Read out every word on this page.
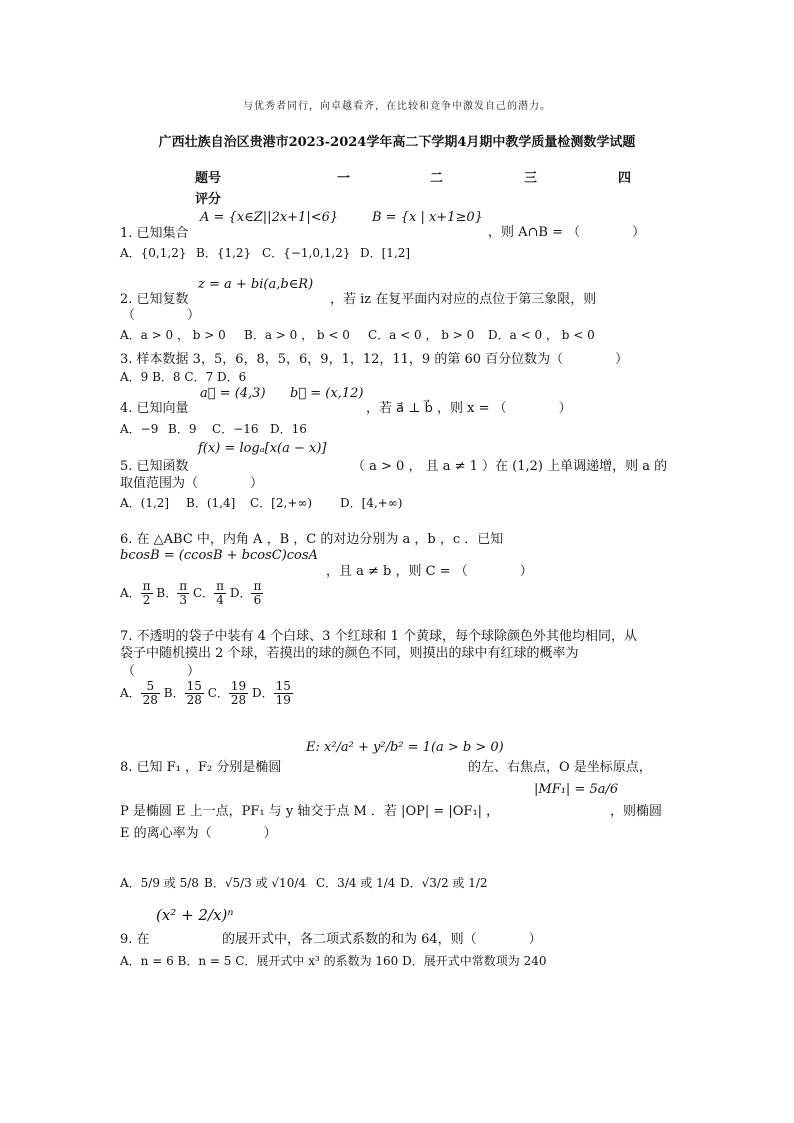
与优秀者同行，向卓越看齐，在比较和竞争中激发自己的潜力。
广西壮族自治区贵港市2023-2024学年高二下学期4月期中教学质量检测数学试题
题号	一	二	三	四
评分
1. 已知集合
A = {x∈Z||2x+1|<6}	B = {x | x+1≥0}
，则 A∩B = （　　　　）
A．{0,1,2} B．{1,2} C．{−1,0,1,2} D．[1,2]
2. 已知复数
z = a + bi(a,b∈R)
，若 iz 在复平面内对应的点位于第三象限，则
（　　　　）
A．a > 0 ， b > 0 B．a > 0 ， b < 0 C．a < 0 ， b > 0 D．a < 0 ， b < 0
3. 样本数据 3，5，6，8，5，6，9，1，12，11，9 的第 60 百分位数为（　　　　）
A．9 B．8 C．7 D．6
4. 已知向量
a⃗ = (4,3) b⃗ = (x,12)
，若 a⃗ ⊥ b⃗ ，则 x = （　　　　）
A．−9 B．9 C．−16 D．16
5. 已知函数
f(x) = logₐ[x(a − x)]
（ a > 0 ， 且 a ≠ 1 ）在 (1,2) 上单调递增，则 a 的
取值范围为（　　　　）
A．(1,2] B．(1,4] C．[2,+∞) D．[4,+∞)
6. 在 △ABC 中，内角 A ，B ，C 的对边分别为 a ，b ，c ．已知
bcosB = (ccosB + bcosC)cosA
，且 a ≠ b ，则 C = （　　　　）
A． $\frac{\pi}{2}$ B． $\frac{\pi}{3}$ C． $\frac{\pi}{4}$ D． $\frac{\pi}{6}$
7. 不透明的袋子中装有 4 个白球、3 个红球和 1 个黄球，每个球除颜色外其他均相同，从
袋子中随机摸出 2 个球，若摸出的球的颜色不同，则摸出的球中有红球的概率为
（　　　　）
A． $\frac{5}{28}$ B． $\frac{15}{28}$ C． $\frac{19}{28}$ D． $\frac{15}{19}$
8. 已知 F₁ ，F₂ 分别是椭圆
E: x²/a² + y²/b² = 1(a > b > 0)
的左、右焦点，O 是坐标原点，
P 是椭圆 E 上一点，PF₁ 与 y 轴交于点 M ．若 |OP| = |OF₁| ，
|MF₁| = 5a/6
，则椭圆
E 的离心率为（　　　　）
A．5/9 或 5/8 B．√5/3 或 √10/4 C．3/4 或 1/4 D．√3/2 或 1/2
9. 在
(x² + 2/x)ⁿ
的展开式中，各二项式系数的和为 64，则（　　　　）
A．n = 6 B．n = 5 C．展开式中 x³ 的系数为 160 D．展开式中常数项为 240
